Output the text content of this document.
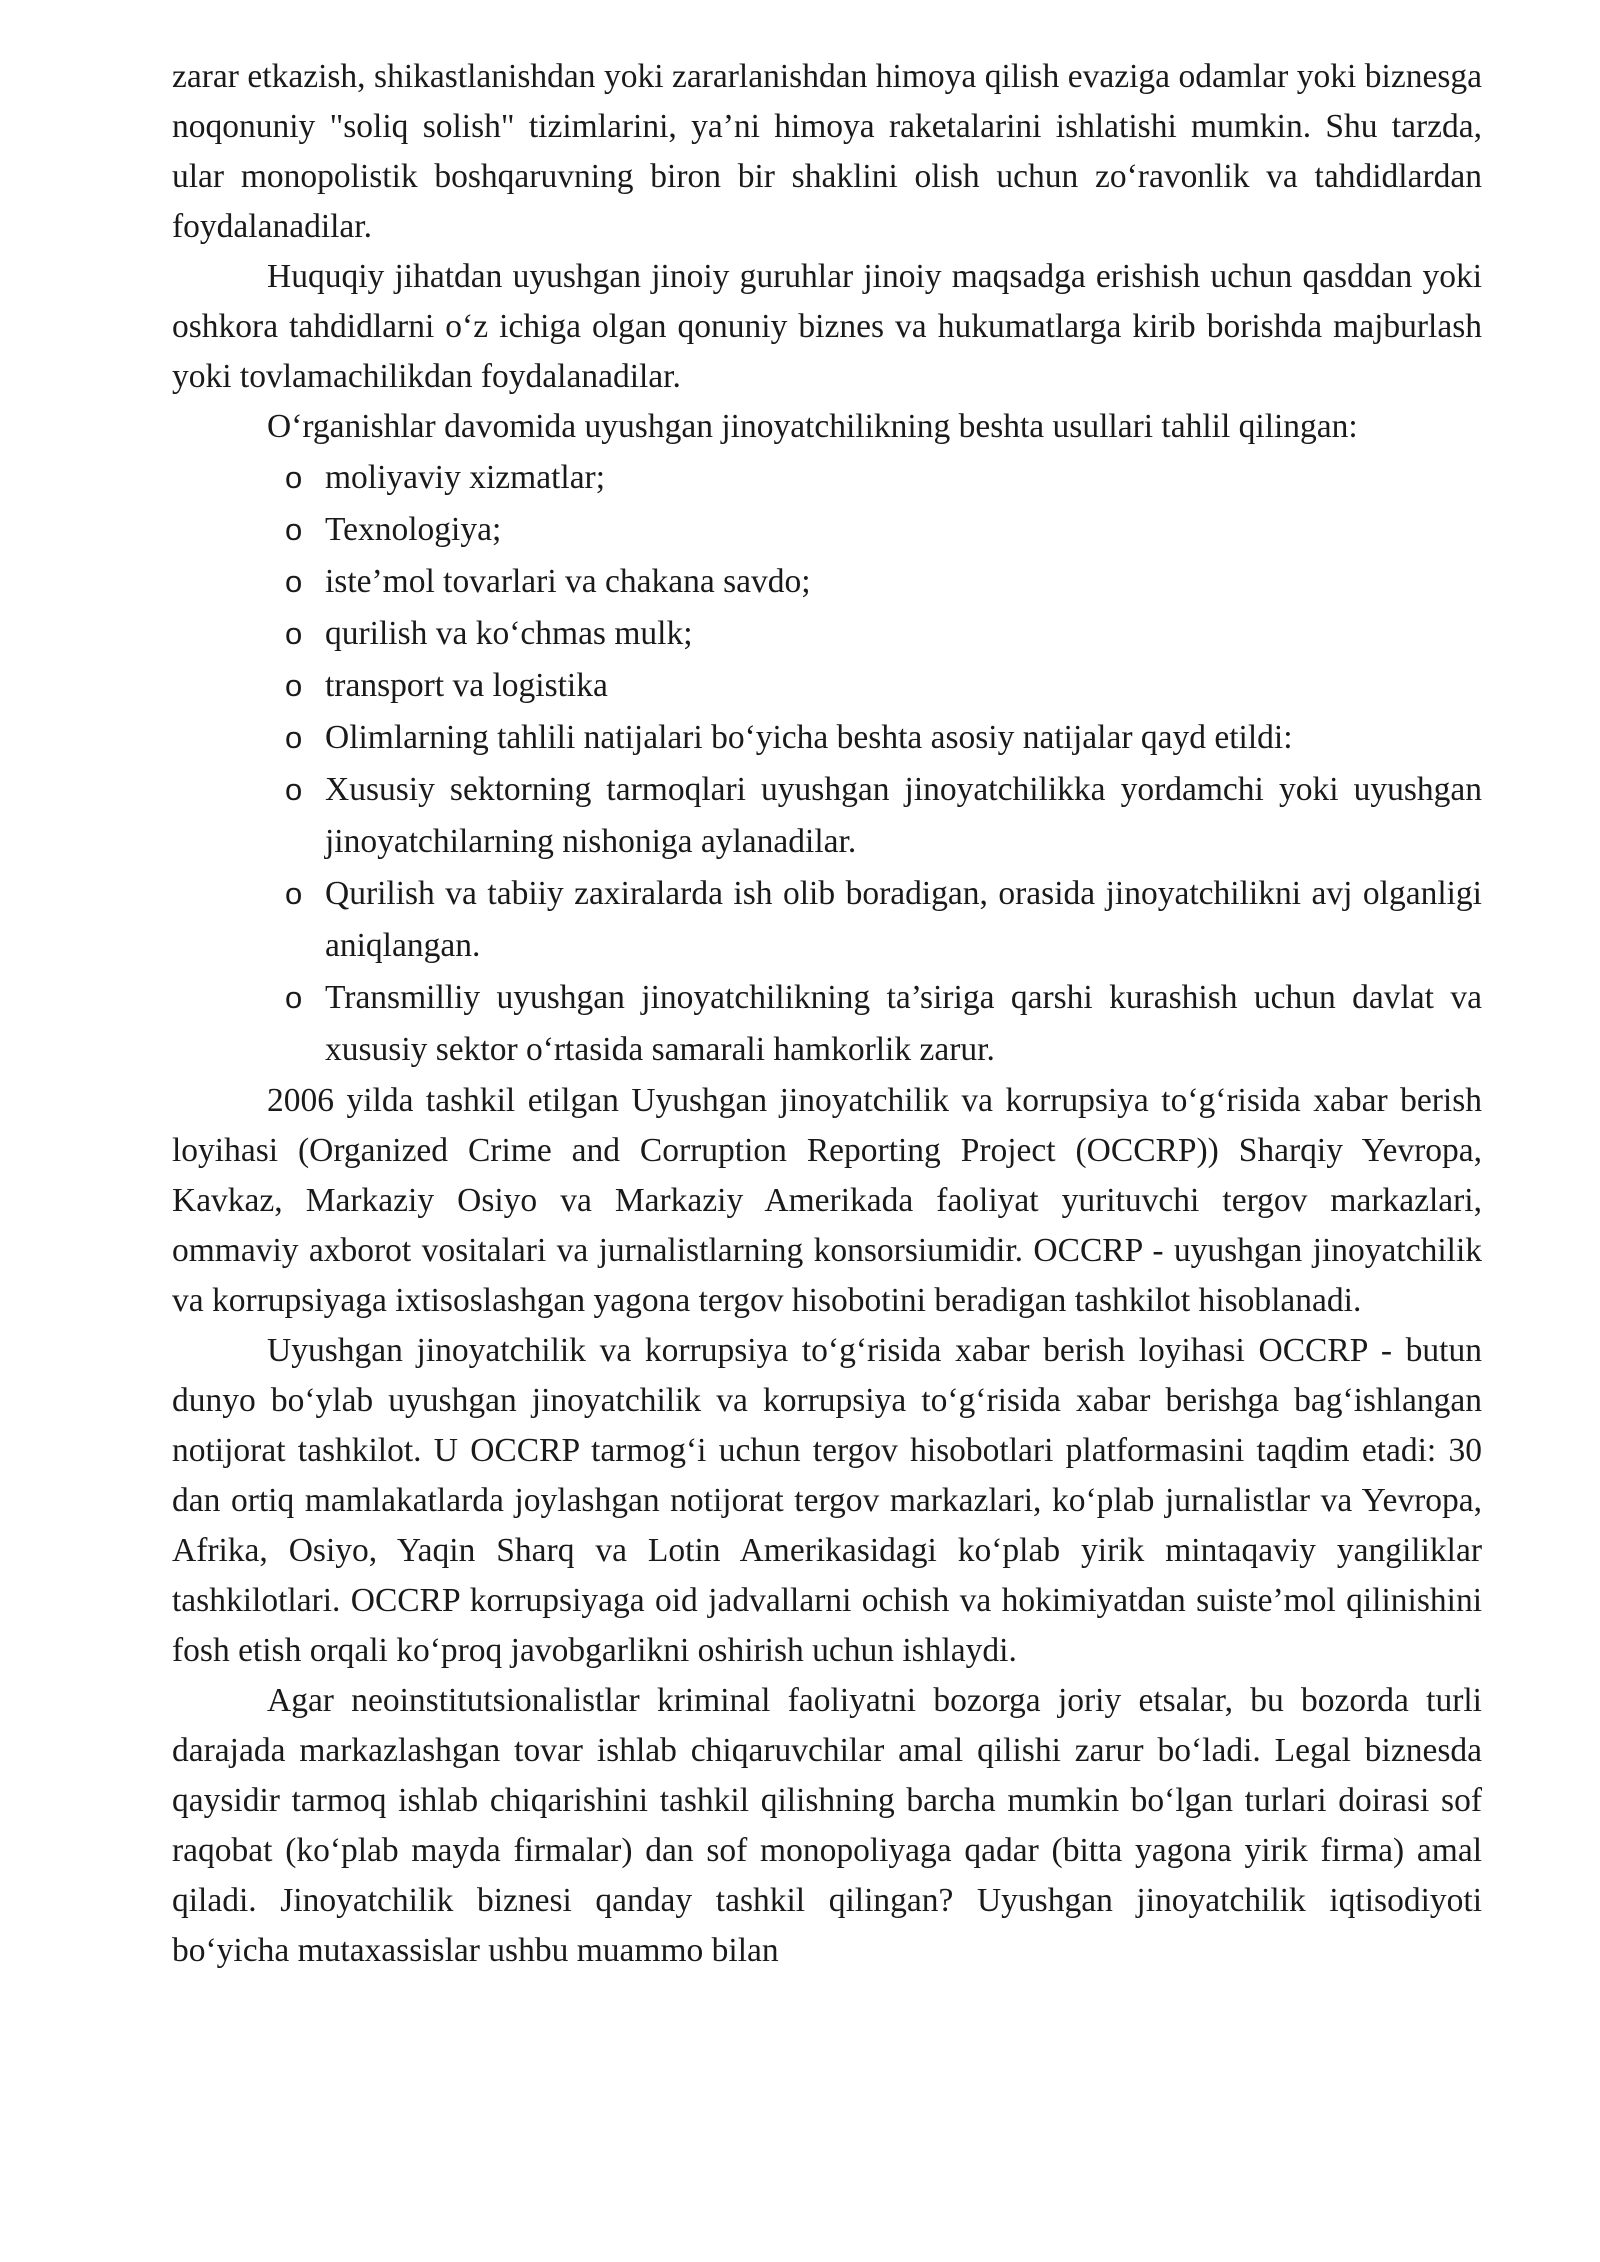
zarar etkazish, shikastlanishdan yoki zararlanishdan himoya qilish evaziga odamlar yoki biznesga noqonuniy "soliq solish" tizimlarini, ya’ni himoya raketalarini ishlatishi mumkin. Shu tarzda, ular monopolistik boshqaruvning biron bir shaklini olish uchun zo‘ravonlik va tahdidlardan foydalanadilar.

Huquqiy jihatdan uyushgan jinoiy guruhlar jinoiy maqsadga erishish uchun qasddan yoki oshkora tahdidlarni o‘z ichiga olgan qonuniy biznes va hukumatlarga kirib borishda majburlash yoki tovlamachilikdan foydalanadilar.

O‘rganishlar davomida uyushgan jinoyatchilikning beshta usullari tahlil qilingan:

o moliyaviy xizmatlar;
o Texnologiya;
o iste’mol tovarlari va chakana savdo;
o qurilish va ko‘chmas mulk;
o transport va logistika
o Olimlarning tahlili natijalari bo‘yicha beshta asosiy natijalar qayd etildi:
o Xususiy sektorning tarmoqlari uyushgan jinoyatchilikka yordamchi yoki uyushgan jinoyatchilarning nishoniga aylanadilar.
o Qurilish va tabiiy zaxiralarda ish olib boradigan, orasida jinoyatchilikni avj olganligi aniqlangan.
o Transmilliy uyushgan jinoyatchilikning ta’siriga qarshi kurashish uchun davlat va xususiy sektor o‘rtasida samarali hamkorlik zarur.

2006 yilda tashkil etilgan Uyushgan jinoyatchilik va korrupsiya to‘g‘risida xabar berish loyihasi (Organized Crime and Corruption Reporting Project (OCCRP)) Sharqiy Yevropa, Kavkaz, Markaziy Osiyo va Markaziy Amerikada faoliyat yurituvchi tergov markazlari, ommaviy axborot vositalari va jurnalistlarning konsorsiumidir. OCCRP - uyushgan jinoyatchilik va korrupsiyaga ixtisoslashgan yagona tergov hisobotini beradigan tashkilot hisoblanadi.

Uyushgan jinoyatchilik va korrupsiya to‘g‘risida xabar berish loyihasi OCCRP - butun dunyo bo‘ylab uyushgan jinoyatchilik va korrupsiya to‘g‘risida xabar berishga bag‘ishlangan notijorat tashkilot. U OCCRP tarmog‘i uchun tergov hisobotlari platformasini taqdim etadi: 30 dan ortiq mamlakatlarda joylashgan notijorat tergov markazlari, ko‘plab jurnalistlar va Yevropa, Afrika, Osiyo, Yaqin Sharq va Lotin Amerikasidagi ko‘plab yirik mintaqaviy yangiliklar tashkilotlari. OCCRP korrupsiyaga oid jadvallarni ochish va hokimiyatdan suiste’mol qilinishini fosh etish orqali ko‘proq javobgarlikni oshirish uchun ishlaydi.

Agar neoinstitutsionalistlar kriminal faoliyatni bozorga joriy etsalar, bu bozorda turli darajada markazlashgan tovar ishlab chiqaruvchilar amal qilishi zarur bo‘ladi. Legal biznesda qaysidir tarmoq ishlab chiqarishini tashkil qilishning barcha mumkin bo‘lgan turlari doirasi sof raqobat (ko‘plab mayda firmalar) dan sof monopoliyaga qadar (bitta yagona yirik firma) amal qiladi. Jinoyatchilik biznesi qanday tashkil qilingan? Uyushgan jinoyatchilik iqtisodiyoti bo‘yicha mutaxassislar ushbu muammo bilan
